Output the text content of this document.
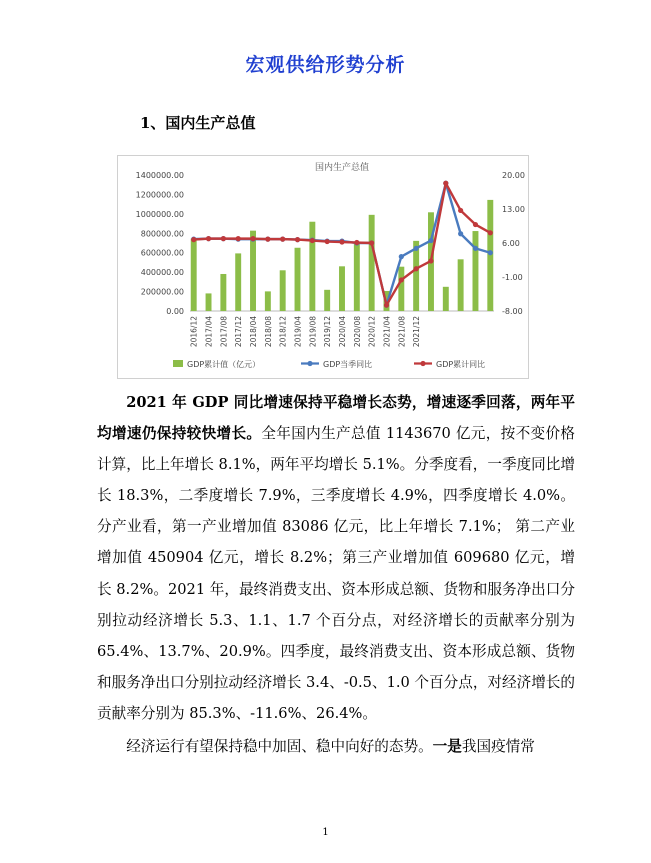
宏观供给形势分析
1、国内生产总值
国内生产总值
0.00
200000.00
400000.00
600000.00
800000.00
1000000.00
1200000.00
1400000.00
-8.00
-1.00
6.00
13.00
20.00
2016/12 2017/04 2017/08 2017/12 2018/04 2018/08 2018/12 2019/04 2019/08 2019/12 2020/04 2020/08 2020/12 2021/04 2021/08 2021/12
GDP累计值（亿元）	GDP当季同比	GDP累计同比

2021 年 GDP 同比增速保持平稳增长态势，增速逐季回落，两年平均增速仍保持较快增长。全年国内生产总值 1143670 亿元，按不变价格计算，比上年增长 8.1%，两年平均增长 5.1%。分季度看，一季度同比增长 18.3%，二季度增长 7.9%，三季度增长 4.9%，四季度增长 4.0%。分产业看，第一产业增加值 83086 亿元，比上年增长 7.1%； 第二产业增加值 450904 亿元，增长 8.2%；第三产业增加值 609680 亿元，增长 8.2%。2021 年，最终消费支出、资本形成总额、货物和服务净出口分别拉动经济增长 5.3、1.1、1.7 个百分点，对经济增长的贡献率分别为 65.4%、13.7%、20.9%。四季度，最终消费支出、资本形成总额、货物和服务净出口分别拉动经济增长 3.4、-0.5、1.0 个百分点，对经济增长的贡献率分别为 85.3%、-11.6%、26.4%。

经济运行有望保持稳中加固、稳中向好的态势。一是我国疫情常

1
